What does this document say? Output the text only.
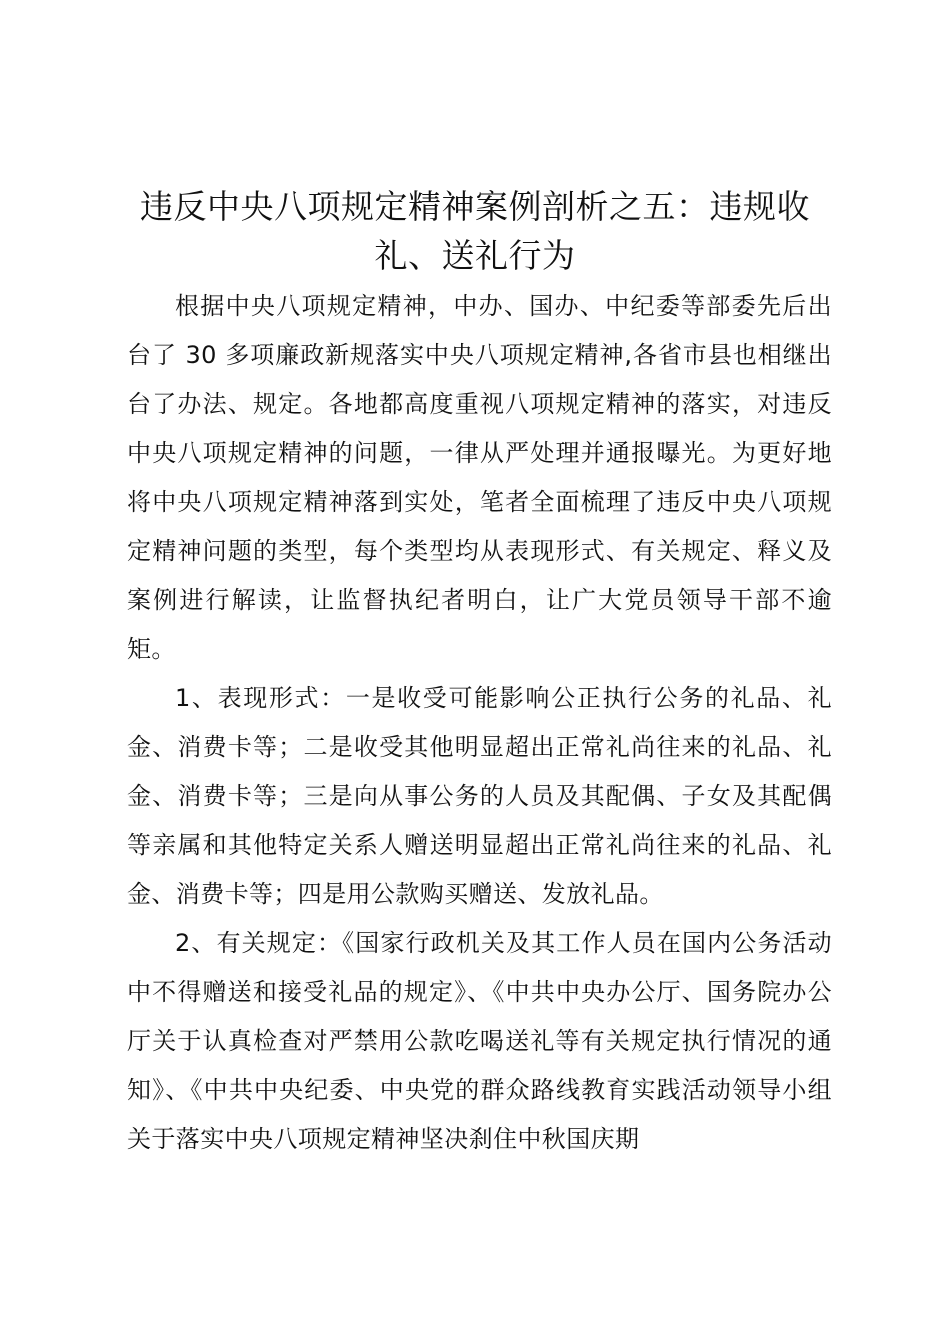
违反中央八项规定精神案例剖析之五：违规收礼、送礼行为

根据中央八项规定精神，中办、国办、中纪委等部委先后出台了 30 多项廉政新规落实中央八项规定精神,各省市县也相继出台了办法、规定。各地都高度重视八项规定精神的落实，对违反中央八项规定精神的问题，一律从严处理并通报曝光。为更好地将中央八项规定精神落到实处，笔者全面梳理了违反中央八项规定精神问题的类型，每个类型均从表现形式、有关规定、释义及案例进行解读，让监督执纪者明白，让广大党员领导干部不逾矩。

1、表现形式：一是收受可能影响公正执行公务的礼品、礼金、消费卡等；二是收受其他明显超出正常礼尚往来的礼品、礼金、消费卡等；三是向从事公务的人员及其配偶、子女及其配偶等亲属和其他特定关系人赠送明显超出正常礼尚往来的礼品、礼金、消费卡等；四是用公款购买赠送、发放礼品。

2、有关规定：《国家行政机关及其工作人员在国内公务活动中不得赠送和接受礼品的规定》、《中共中央办公厅、国务院办公厅关于认真检查对严禁用公款吃喝送礼等有关规定执行情况的通知》、《中共中央纪委、中央党的群众路线教育实践活动领导小组关于落实中央八项规定精神坚决刹住中秋国庆期
